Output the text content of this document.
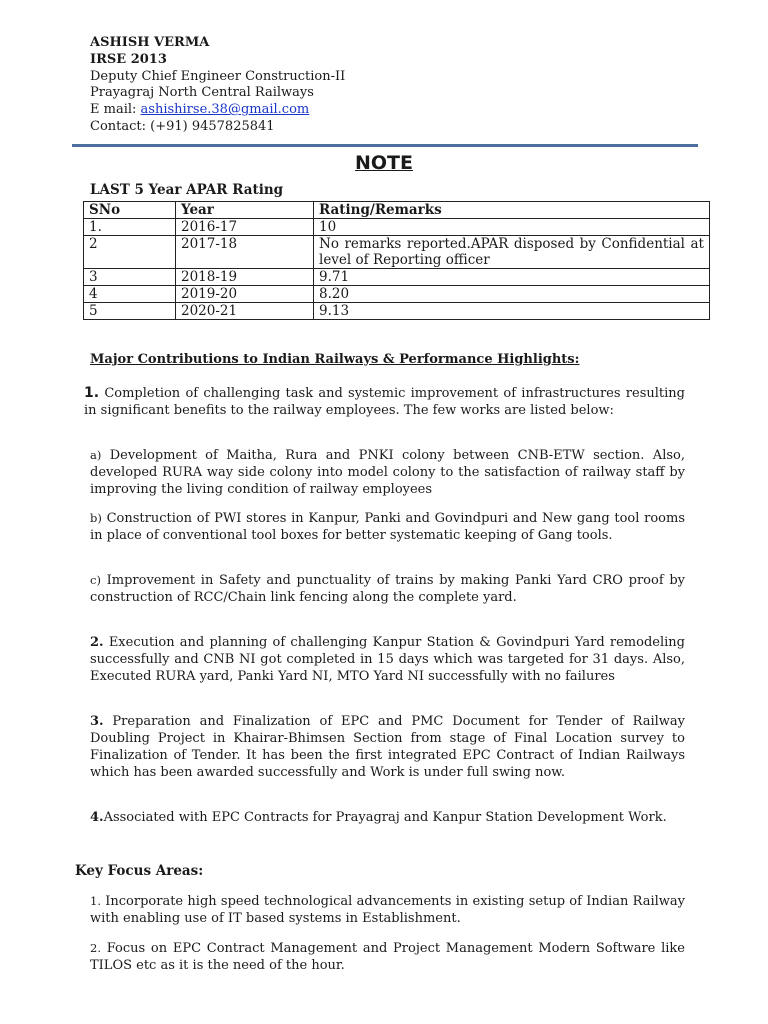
ASHISH VERMA
IRSE 2013
Deputy Chief Engineer Construction-II
Prayagraj North Central Railways
E mail: ashishirse.38@gmail.com
Contact: (+91) 9457825841
NOTE
LAST 5 Year APAR Rating
SNo	Year	Rating/Remarks
1.	2016-17	10
2	2017-18	No remarks reported.APAR disposed by Confidential at level of Reporting officer
3	2018-19	9.71
4	2019-20	8.20
5	2020-21	9.13
Major Contributions to Indian Railways & Performance Highlights:
1. Completion of challenging task and systemic improvement of infrastructures resulting in significant benefits to the railway employees. The few works are listed below:
a) Development of Maitha, Rura and PNKI colony between CNB-ETW section. Also, developed RURA way side colony into model colony to the satisfaction of railway staff by improving the living condition of railway employees
b) Construction of PWI stores in Kanpur, Panki and Govindpuri and New gang tool rooms in place of conventional tool boxes for better systematic keeping of Gang tools.
c) Improvement in Safety and punctuality of trains by making Panki Yard CRO proof by construction of RCC/Chain link fencing along the complete yard.
2. Execution and planning of challenging Kanpur Station & Govindpuri Yard remodeling successfully and CNB NI got completed in 15 days which was targeted for 31 days. Also, Executed RURA yard, Panki Yard NI, MTO Yard NI successfully with no failures
3. Preparation and Finalization of EPC and PMC Document for Tender of Railway Doubling Project in Khairar-Bhimsen Section from stage of Final Location survey to Finalization of Tender. It has been the first integrated EPC Contract of Indian Railways which has been awarded successfully and Work is under full swing now.
4.Associated with EPC Contracts for Prayagraj and Kanpur Station Development Work.
Key Focus Areas:
1. Incorporate high speed technological advancements in existing setup of Indian Railway with enabling use of IT based systems in Establishment.
2. Focus on EPC Contract Management and Project Management Modern Software like TILOS etc as it is the need of the hour.
